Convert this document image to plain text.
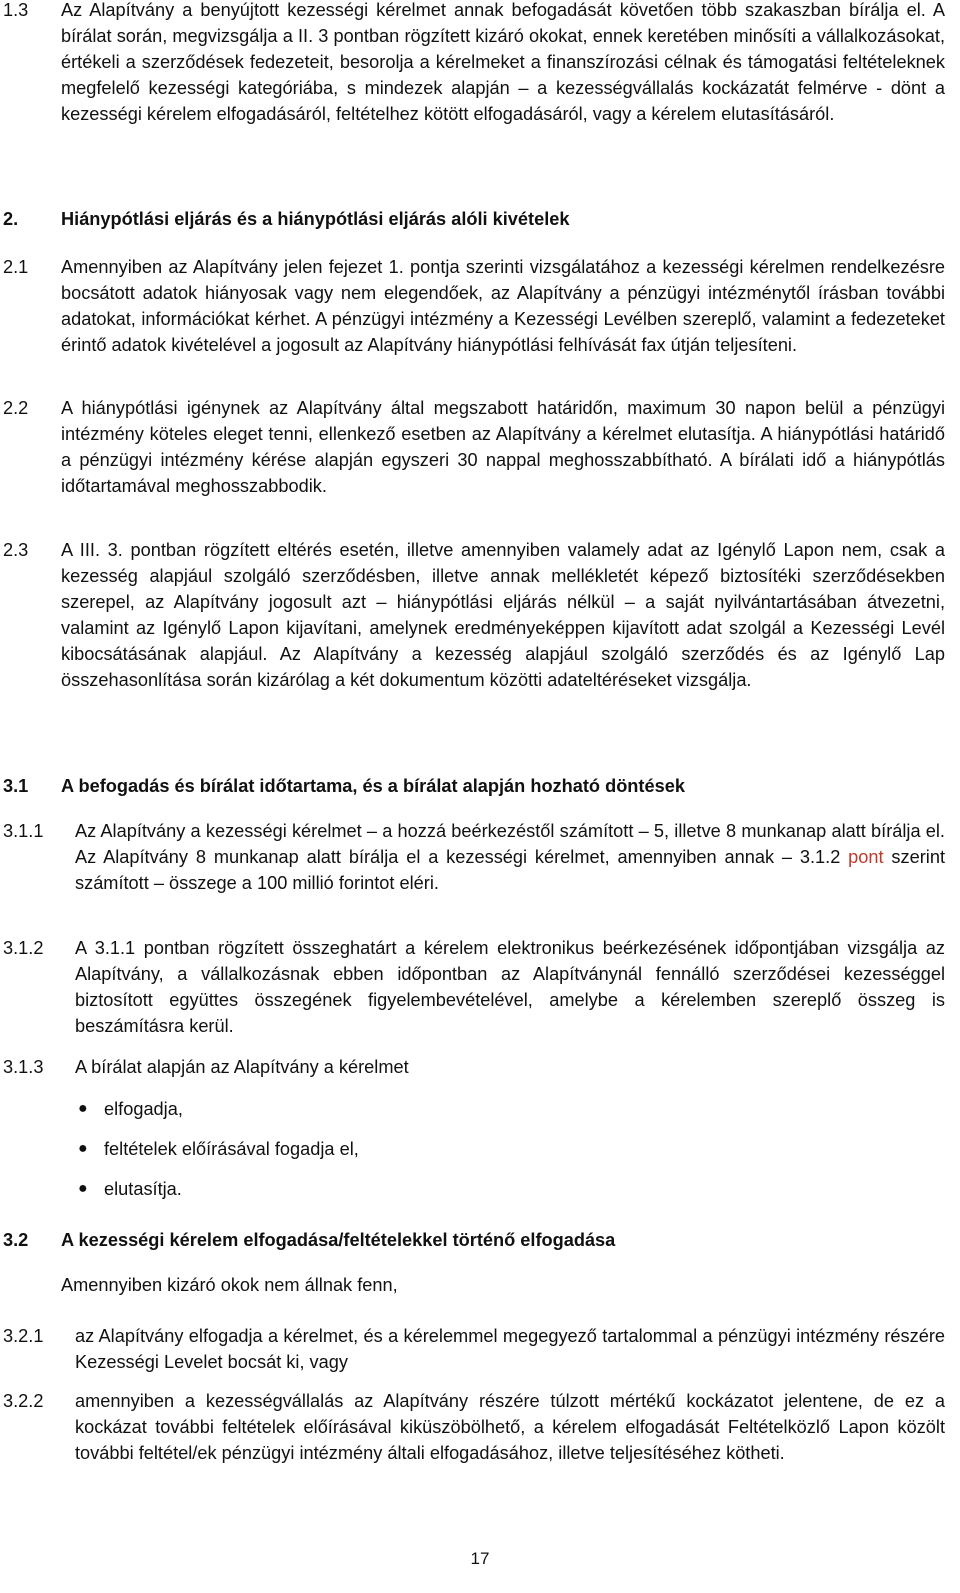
1.3 Az Alapítvány a benyújtott kezességi kérelmet annak befogadását követően több szakaszban bírálja el. A bírálat során, megvizsgálja a II. 3 pontban rögzített kizáró okokat, ennek keretében minősíti a vállalkozásokat, értékeli a szerződések fedezeteit, besorolja a kérelmeket a finanszírozási célnak és támogatási feltételeknek megfelelő kezességi kategóriába, s mindezek alapján – a kezességvállalás kockázatát felmérve - dönt a kezességi kérelem elfogadásáról, feltételhez kötött elfogadásáról, vagy a kérelem elutasításáról.
2. Hiánypótlási eljárás és a hiánypótlási eljárás alóli kivételek
2.1 Amennyiben az Alapítvány jelen fejezet 1. pontja szerinti vizsgálatához a kezességi kérelmen rendelkezésre bocsátott adatok hiányosak vagy nem elegendőek, az Alapítvány a pénzügyi intézménytől írásban további adatokat, információkat kérhet. A pénzügyi intézmény a Kezességi Levélben szereplő, valamint a fedezeteket érintő adatok kivételével a jogosult az Alapítvány hiánypótlási felhívását fax útján teljesíteni.
2.2 A hiánypótlási igénynek az Alapítvány által megszabott határidőn, maximum 30 napon belül a pénzügyi intézmény köteles eleget tenni, ellenkező esetben az Alapítvány a kérelmet elutasítja. A hiánypótlási határidő a pénzügyi intézmény kérése alapján egyszeri 30 nappal meghosszabbítható. A bírálati idő a hiánypótlás időtartamával meghosszabbodik.
2.3 A III. 3. pontban rögzített eltérés esetén, illetve amennyiben valamely adat az Igénylő Lapon nem, csak a kezesség alapjául szolgáló szerződésben, illetve annak mellékletét képező biztosítéki szerződésekben szerepel, az Alapítvány jogosult azt – hiánypótlási eljárás nélkül – a saját nyilvántartásában átvezetni, valamint az Igénylő Lapon kijavítani, amelynek eredményeképpen kijavított adat szolgál a Kezességi Levél kibocsátásának alapjául. Az Alapítvány a kezesség alapjául szolgáló szerződés és az Igénylő Lap összehasonlítása során kizárólag a két dokumentum közötti adateltéréseket vizsgálja.
3.1 A befogadás és bírálat időtartama, és a bírálat alapján hozható döntések
3.1.1 Az Alapítvány a kezességi kérelmet – a hozzá beérkezéstől számított – 5, illetve 8 munkanap alatt bírálja el. Az Alapítvány 8 munkanap alatt bírálja el a kezességi kérelmet, amennyiben annak – 3.1.2 pont szerint számított – összege a 100 millió forintot eléri.
3.1.2 A 3.1.1 pontban rögzített összeghatárt a kérelem elektronikus beérkezésének időpontjában vizsgálja az Alapítvány, a vállalkozásnak ebben időpontban az Alapítványnál fennálló szerződései kezességgel biztosított együttes összegének figyelembevételével, amelybe a kérelemben szereplő összeg is beszámításra kerül.
3.1.3 A bírálat alapján az Alapítvány a kérelmet
● elfogadja,
● feltételek előírásával fogadja el,
● elutasítja.
3.2 A kezességi kérelem elfogadása/feltételekkel történő elfogadása
Amennyiben kizáró okok nem állnak fenn,
3.2.1 az Alapítvány elfogadja a kérelmet, és a kérelemmel megegyező tartalommal a pénzügyi intézmény részére Kezességi Levelet bocsát ki, vagy
3.2.2 amennyiben a kezességvállalás az Alapítvány részére túlzott mértékű kockázatot jelentene, de ez a kockázat további feltételek előírásával kiküszöbölhető, a kérelem elfogadását Feltételközlő Lapon közölt további feltétel/ek pénzügyi intézmény általi elfogadásához, illetve teljesítéséhez kötheti.
17
